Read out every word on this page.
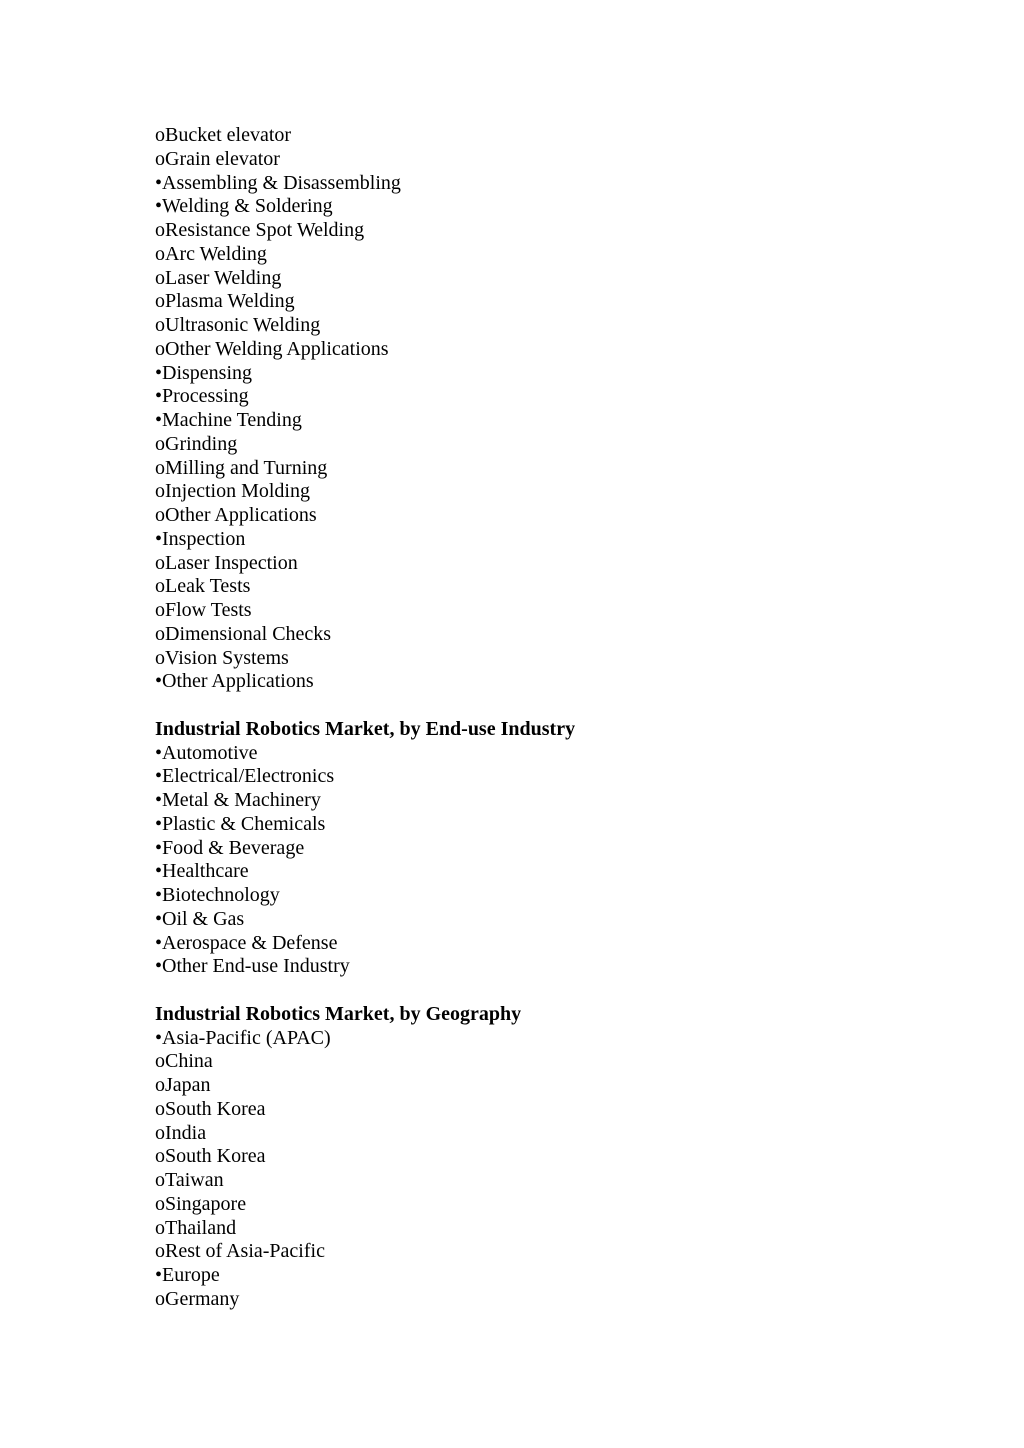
oBucket elevator
oGrain elevator
•Assembling & Disassembling
•Welding & Soldering
oResistance Spot Welding
oArc Welding
oLaser Welding
oPlasma Welding
oUltrasonic Welding
oOther Welding Applications
•Dispensing
•Processing
•Machine Tending
oGrinding
oMilling and Turning
oInjection Molding
oOther Applications
•Inspection
oLaser Inspection
oLeak Tests
oFlow Tests
oDimensional Checks
oVision Systems
•Other Applications
Industrial Robotics Market, by End-use Industry
•Automotive
•Electrical/Electronics
•Metal & Machinery
•Plastic & Chemicals
•Food & Beverage
•Healthcare
•Biotechnology
•Oil & Gas
•Aerospace & Defense
•Other End-use Industry
Industrial Robotics Market, by Geography
•Asia-Pacific (APAC)
oChina
oJapan
oSouth Korea
oIndia
oSouth Korea
oTaiwan
oSingapore
oThailand
oRest of Asia-Pacific
•Europe
oGermany
